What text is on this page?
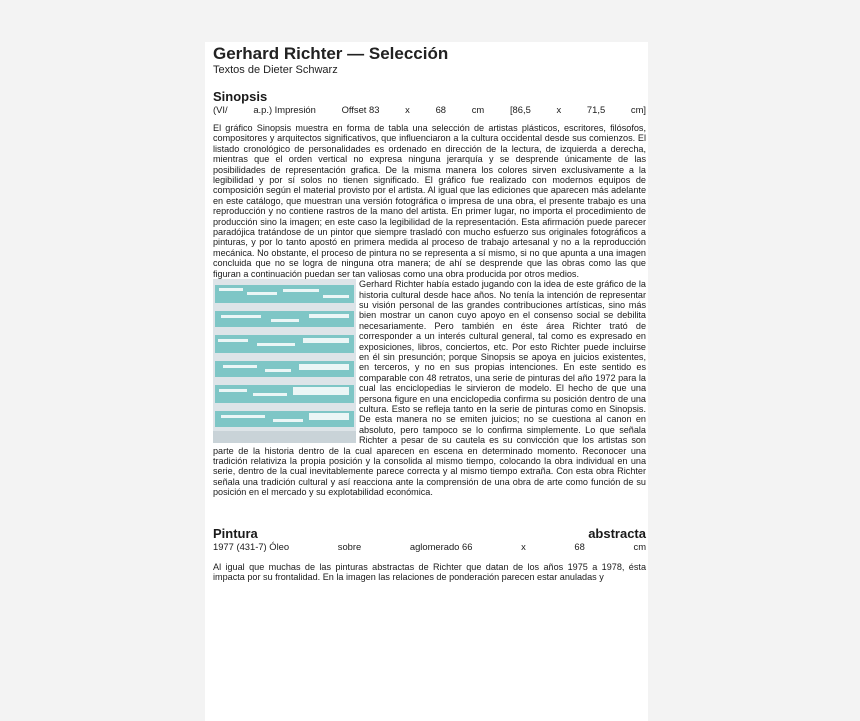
Gerhard Richter — Selección

Textos de Dieter Schwarz

Sinopsis
(VI/	a.p.) Impresión	Offset 83	x	68	cm	[86,5	x	71,5	cm]

El gráfico Sinopsis muestra en forma de tabla una selección de artistas plásticos, escritores, filósofos, compositores y arquitectos significativos, que influenciaron a la cultura occidental desde sus comienzos. El listado cronológico de personalidades es ordenado en dirección de la lectura, de izquierda a derecha, mientras que el orden vertical no expresa ninguna jerarquía y se desprende únicamente de las posibilidades de representación grafica. De la misma manera los colores sirven exclusivamente a la legibilidad y por sí solos no tienen significado. El gráfico fue realizado con modernos equipos de composición según el material provisto por el artista. Al igual que las ediciones que aparecen más adelante en este catálogo, que muestran una versión fotográfica o impresa de una obra, el presente trabajo es una reproducción y no contiene rastros de la mano del artista. En primer lugar, no importa el procedimiento de producción sino la imagen; en este caso la legibilidad de la representación. Esta afirmación puede parecer paradójica tratándose de un pintor que siempre trasladó con mucho esfuerzo sus originales fotográficos a pinturas, y por lo tanto apostó en primera medida al proceso de trabajo artesanal y no a la reproducción mecánica. No obstante, el proceso de pintura no se representa a sí mismo, si no que apunta a una imagen concluida que no se logra de ninguna otra manera; de ahí se desprende que las obras como las que figuran a continuación puedan ser tan valiosas como una obra producida por otros medios.

Gerhard Richter había estado jugando con la idea de este gráfico de la historia cultural desde hace años. No tenía la intención de representar su visión personal de las grandes contribuciones artísticas, sino más bien mostrar un canon cuyo apoyo en el consenso social se debilita necesariamente. Pero también en éste área Richter trató de corresponder a un interés cultural general, tal como es expresado en exposiciones, libros, conciertos, etc. Por esto Richter puede incluirse en él sin presunción; porque Sinopsis se apoya en juicios existentes, en terceros, y no en sus propias intenciones. En este sentido es comparable con 48 retratos, una serie de pinturas del año 1972 para la cual las enciclopedias le sirvieron de modelo. El hecho de que una persona figure en una enciclopedia confirma su posición dentro de una cultura. Esto se refleja tanto en la serie de pinturas como en Sinopsis. De esta manera no se emiten juicios; no se cuestiona al canon en absoluto, pero tampoco se lo confirma simplemente. Lo que señala Richter a pesar de su cautela es su convicción que los artistas son parte de la historia dentro de la cual aparecen en escena en determinado momento. Reconocer una tradición relativiza la propia posición y la consolida al mismo tiempo, colocando la obra individual en una serie, dentro de la cual inevitablemente parece correcta y al mismo tiempo extraña. Con esta obra Richter señala una tradición cultural y así reacciona ante la comprensión de una obra de arte como función de su posición en el mercado y su explotabilidad económica.

Pintura	abstracta
1977 (431-7) Óleo	sobre	aglomerado 66	x	68	cm

Al igual que muchas de las pinturas abstractas de Richter que datan de los años 1975 a 1978, ésta impacta por su frontalidad. En la imagen las relaciones de ponderación parecen estar anuladas y
